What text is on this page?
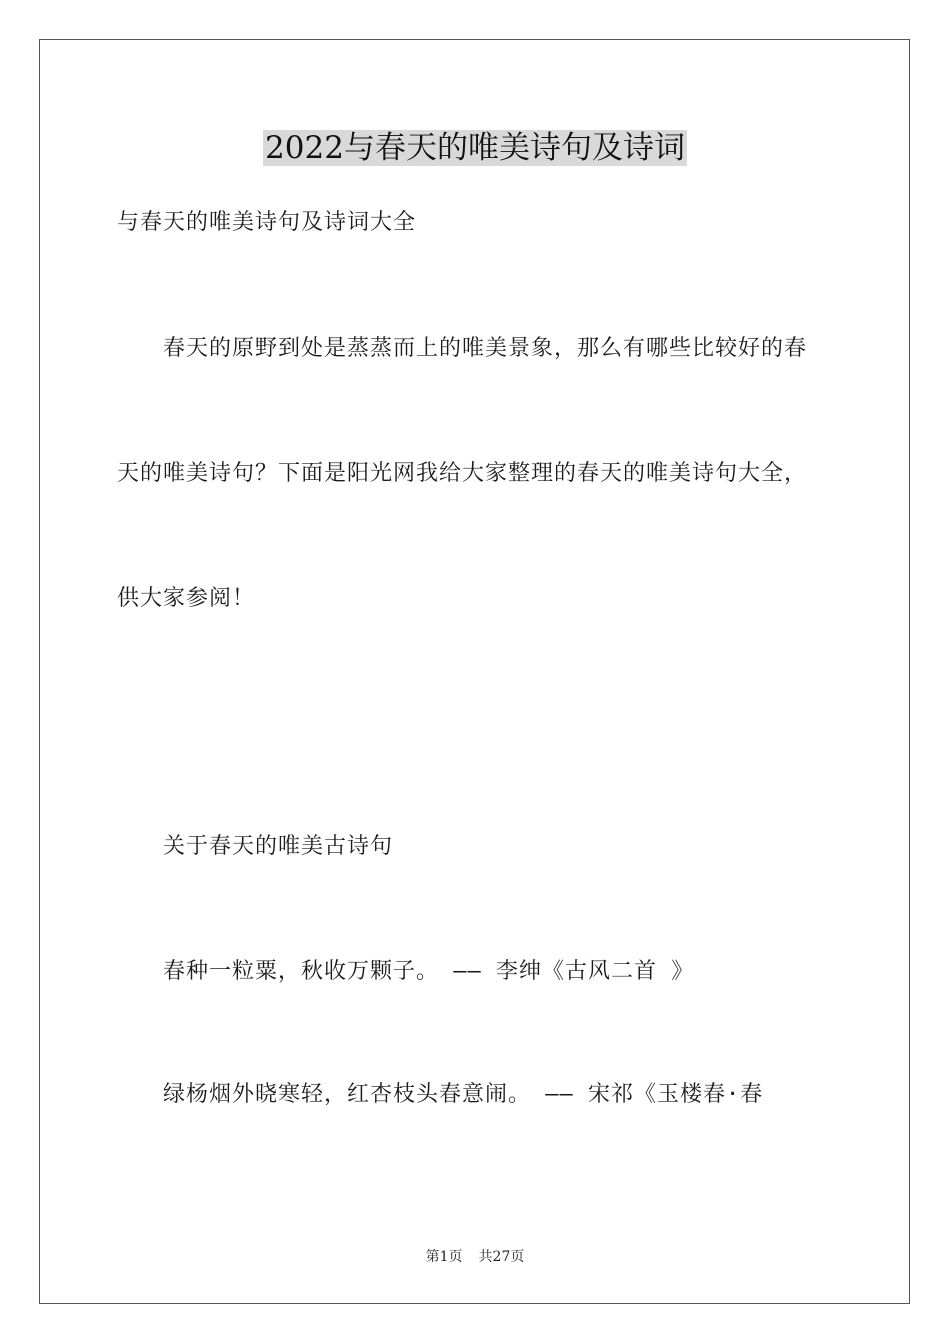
2022与春天的唯美诗句及诗词

与春天的唯美诗句及诗词大全

春天的原野到处是蒸蒸而上的唯美景象，那么有哪些比较好的春

天的唯美诗句？下面是阳光网我给大家整理的春天的唯美诗句大全，

供大家参阅！

关于春天的唯美古诗句

春种一粒粟，秋收万颗子。 —— 李绅《古风二首 》

绿杨烟外晓寒轻，红杏枝头春意闹。 —— 宋祁《玉楼春·春

第1页 共27页
